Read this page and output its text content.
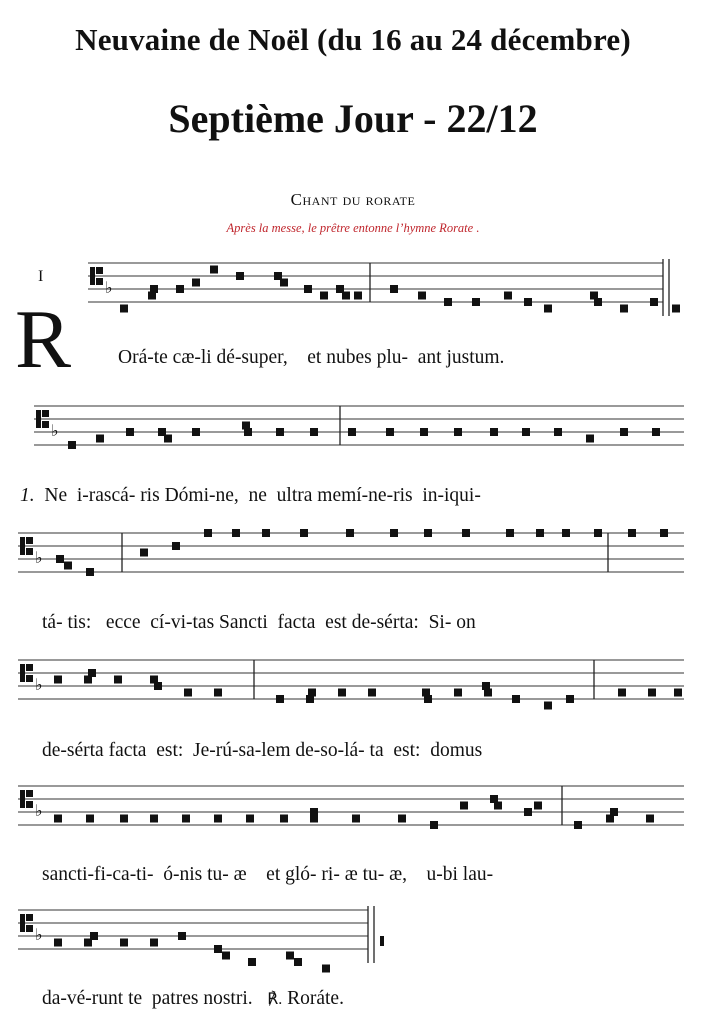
Neuvaine de Noël (du 16 au 24 décembre)
Septième Jour - 22/12
Chant du rorate
Après la messe, le prêtre entonne l’hymne Rorate .
I
R
♭
Orá-te cæ-li dé-super,    et nubes plu-  ant justum.
♭
1. Ne  i-rascá- ris Dómi-ne,  ne  ultra memí-ne-ris  in-iqui-
♭
tá- tis:   ecce  cí-vi-tas Sancti  facta  est de-sérta:  Si- on
♭
de-sérta facta  est:  Je-rú-sa-lem de-so-lá- ta  est:  domus
♭
sancti-fi-ca-ti-  ó-nis tu- æ    et gló- ri- æ tu- æ,    u-bi lau-
♭
da-vé-runt te  patres nostri. ℟. Roráte.
